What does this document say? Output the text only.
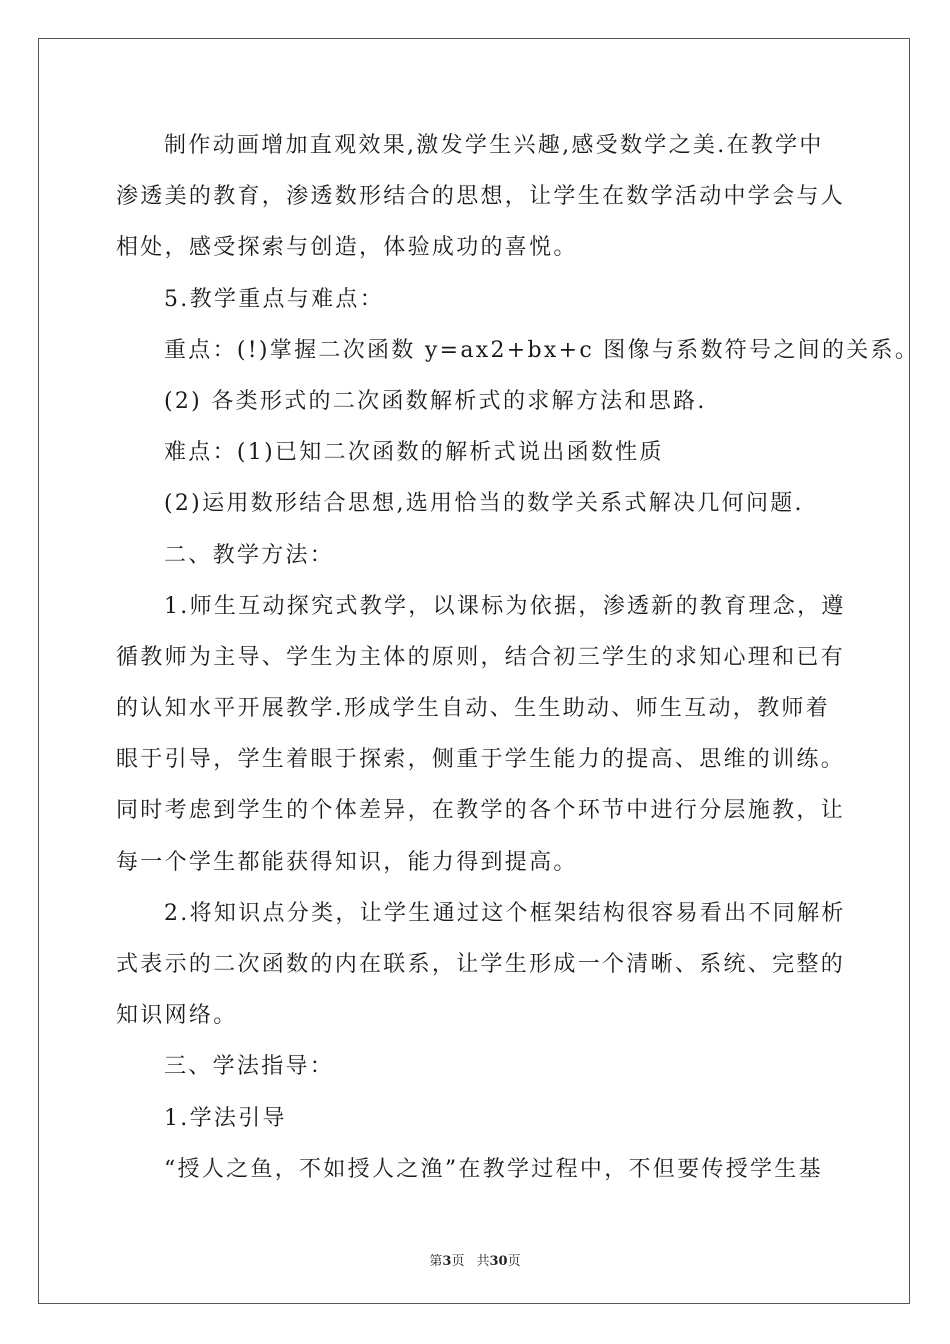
制作动画增加直观效果,激发学生兴趣,感受数学之美.在教学中
渗透美的教育，渗透数形结合的思想，让学生在数学活动中学会与人
相处，感受探索与创造，体验成功的喜悦。
5.教学重点与难点：
重点：(!)掌握二次函数 y=ax2+bx+c 图像与系数符号之间的关系。
(2) 各类形式的二次函数解析式的求解方法和思路.
难点：(1)已知二次函数的解析式说出函数性质
(2)运用数形结合思想,选用恰当的数学关系式解决几何问题.
二、教学方法：
1.师生互动探究式教学，以课标为依据，渗透新的教育理念，遵
循教师为主导、学生为主体的原则，结合初三学生的求知心理和已有
的认知水平开展教学.形成学生自动、生生助动、师生互动，教师着
眼于引导，学生着眼于探索，侧重于学生能力的提高、思维的训练。
同时考虑到学生的个体差异，在教学的各个环节中进行分层施教，让
每一个学生都能获得知识，能力得到提高。
2.将知识点分类，让学生通过这个框架结构很容易看出不同解析
式表示的二次函数的内在联系，让学生形成一个清晰、系统、完整的
知识网络。
三、学法指导：
1.学法引导
“授人之鱼，不如授人之渔”在教学过程中，不但要传授学生基
第3页 共30页
